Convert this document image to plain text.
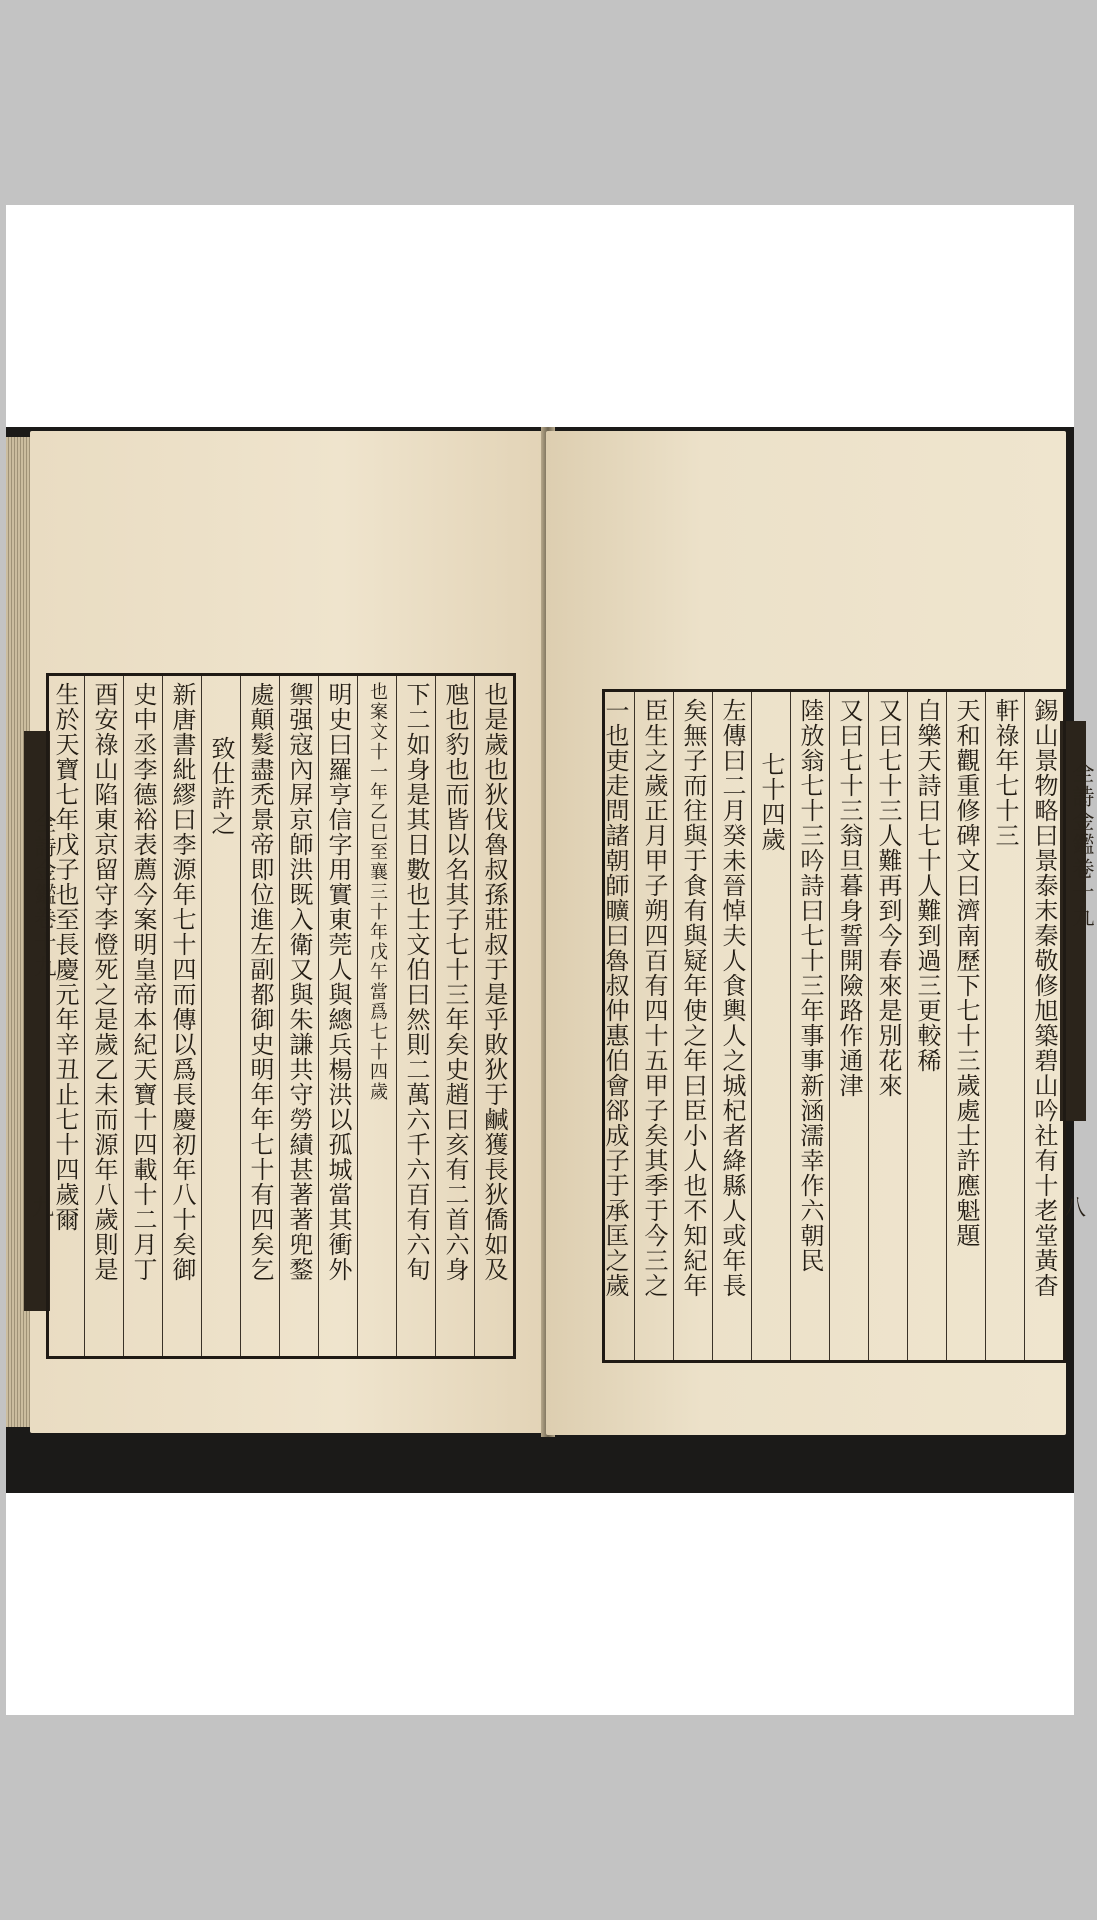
全詩金鑑卷十九
九	也是歲也狄伐魯叔孫莊叔于是乎敗狄于鹹獲長狄僑如及
虺也豹也而皆以名其子七十三年矣史趙曰亥有二首六身
下二如身是其日數也士文伯曰然則二萬六千六百有六旬
也案文十一年乙巳至襄三十年戊午當爲七十四歲
明史曰羅亨信字用實東莞人與總兵楊洪以孤城當其衝外
禦强寇內屏京師洪既入衛又與朱謙共守勞績甚著著兜鍪
處顛髮盡禿景帝即位進左副都御史明年年七十有四矣乞
致仕許之
新唐書紕繆曰李源年七十四而傳以爲長慶初年八十矣御
史中丞李德裕表薦今案明皇帝本紀天寶十四載十二月丁
酉安祿山陷東京留守李憕死之是歲乙未而源年八歲則是
生於天寶七年戊子也至長慶元年辛丑止七十四歲爾	全詩金鑑卷十九
八
錫山景物略曰景泰末秦敬修旭築碧山吟社有十老堂黃杳
軒祿年七十三
天和觀重修碑文曰濟南歷下七十三歲處士許應魁題
白樂天詩曰七十人難到過三更較稀
又曰七十三人難再到今春來是別花來
又曰七十三翁旦暮身誓開險路作通津
陸放翁七十三吟詩曰七十三年事事新涵濡幸作六朝民
七十四歲
左傳曰二月癸未晉悼夫人食輿人之城杞者絳縣人或年長
矣無子而往與于食有與疑年使之年曰臣小人也不知紀年
臣生之歲正月甲子朔四百有四十五甲子矣其季于今三之
一也吏走問諸朝師曠曰魯叔仲惠伯會郤成子于承匡之歲
